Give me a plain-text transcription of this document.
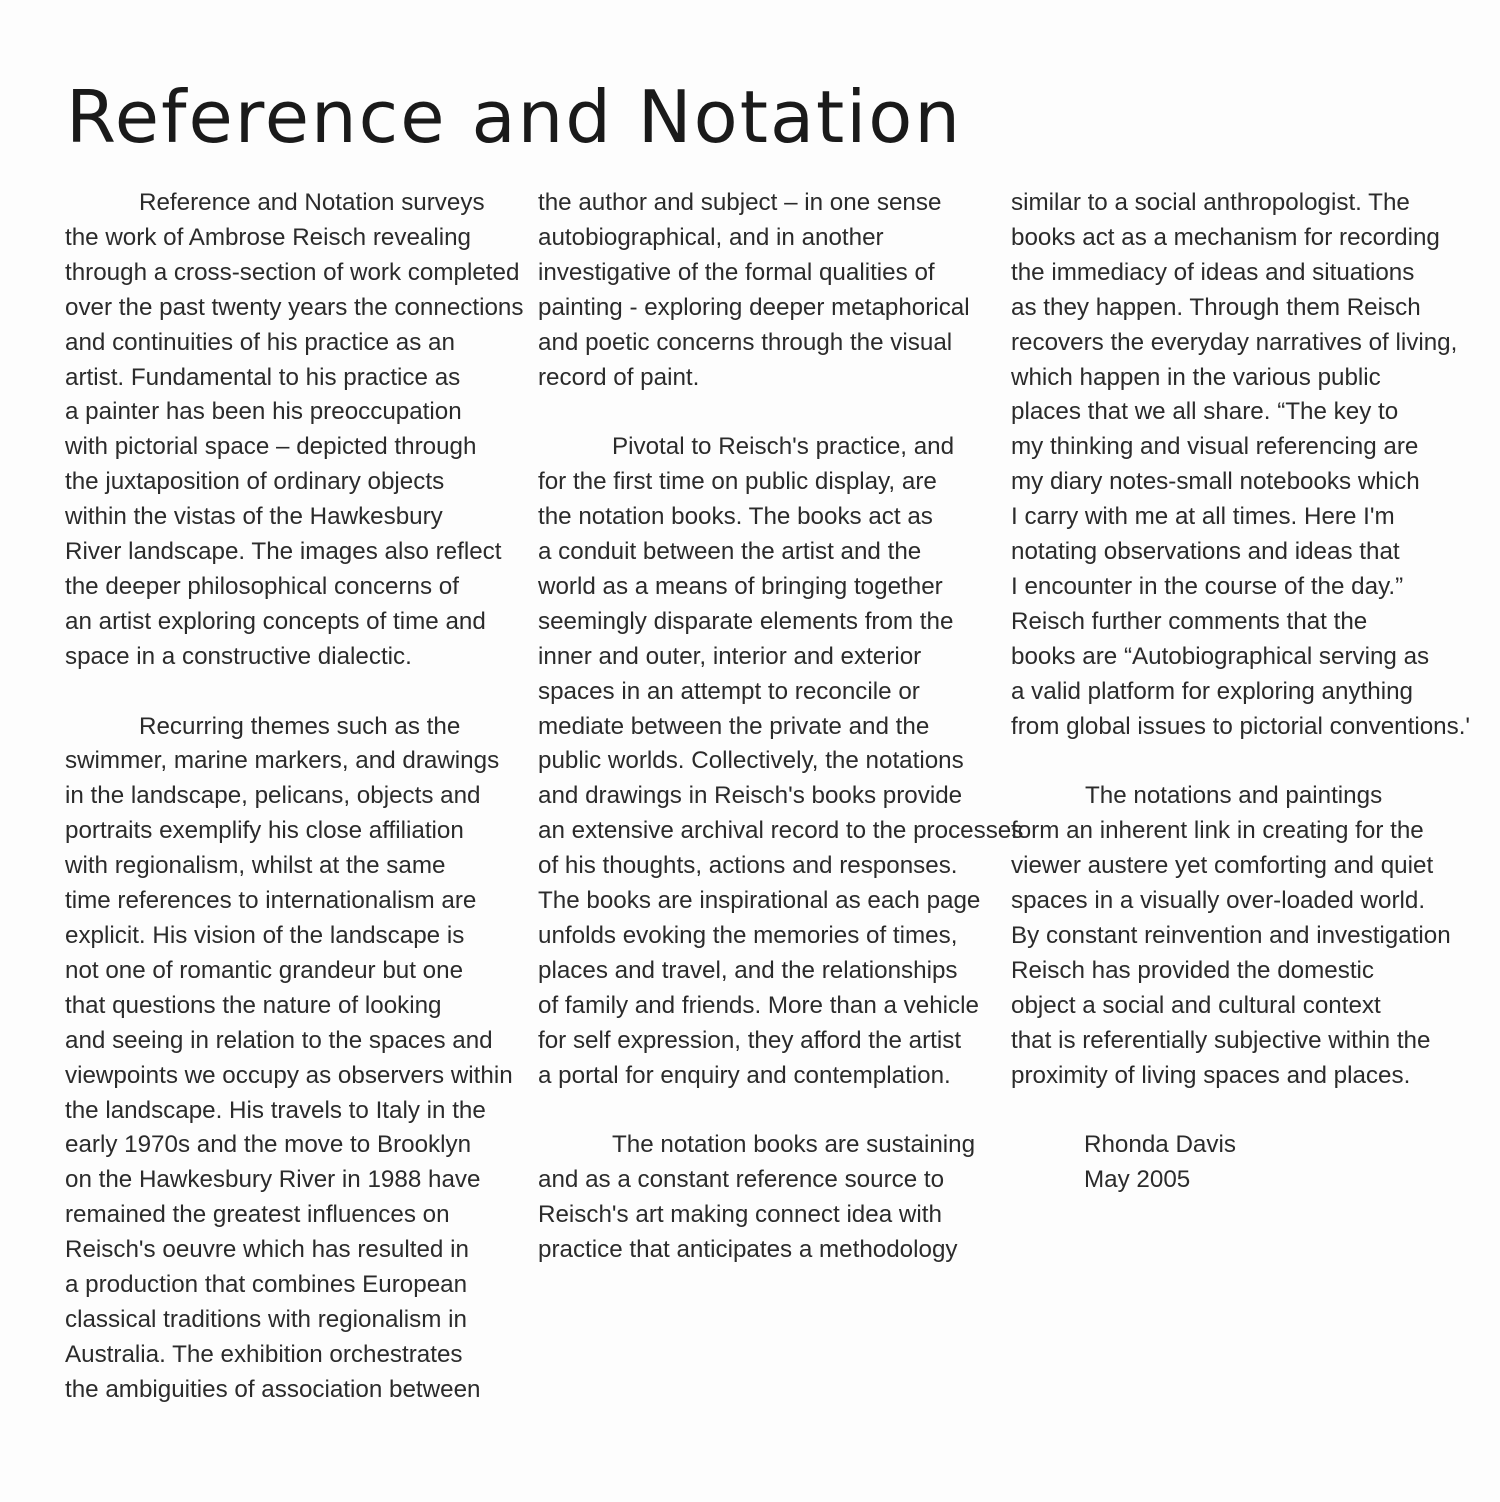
Reference and Notation

Reference and Notation surveys
the work of Ambrose Reisch revealing
through a cross-section of work completed
over the past twenty years the connections
and continuities of his practice as an
artist. Fundamental to his practice as
a painter has been his preoccupation
with pictorial space – depicted through
the juxtaposition of ordinary objects
within the vistas of the Hawkesbury
River landscape. The images also reflect
the deeper philosophical concerns of
an artist exploring concepts of time and
space in a constructive dialectic.

Recurring themes such as the
swimmer, marine markers, and drawings
in the landscape, pelicans, objects and
portraits exemplify his close affiliation
with regionalism, whilst at the same
time references to internationalism are
explicit. His vision of the landscape is
not one of romantic grandeur but one
that questions the nature of looking
and seeing in relation to the spaces and
viewpoints we occupy as observers within
the landscape. His travels to Italy in the
early 1970s and the move to Brooklyn
on the Hawkesbury River in 1988 have
remained the greatest influences on
Reisch's oeuvre which has resulted in
a production that combines European
classical traditions with regionalism in
Australia. The exhibition orchestrates
the ambiguities of association between

the author and subject – in one sense
autobiographical, and in another
investigative of the formal qualities of
painting - exploring deeper metaphorical
and poetic concerns through the visual
record of paint.

Pivotal to Reisch's practice, and
for the first time on public display, are
the notation books. The books act as
a conduit between the artist and the
world as a means of bringing together
seemingly disparate elements from the
inner and outer, interior and exterior
spaces in an attempt to reconcile or
mediate between the private and the
public worlds. Collectively, the notations
and drawings in Reisch's books provide
an extensive archival record to the processes
of his thoughts, actions and responses.
The books are inspirational as each page
unfolds evoking the memories of times,
places and travel, and the relationships
of family and friends. More than a vehicle
for self expression, they afford the artist
a portal for enquiry and contemplation.

The notation books are sustaining
and as a constant reference source to
Reisch's art making connect idea with
practice that anticipates a methodology

similar to a social anthropologist. The
books act as a mechanism for recording
the immediacy of ideas and situations
as they happen. Through them Reisch
recovers the everyday narratives of living,
which happen in the various public
places that we all share. “The key to
my thinking and visual referencing are
my diary notes-small notebooks which
I carry with me at all times. Here I'm
notating observations and ideas that
I encounter in the course of the day.”
Reisch further comments that the
books are “Autobiographical serving as
a valid platform for exploring anything
from global issues to pictorial conventions.'

The notations and paintings
form an inherent link in creating for the
viewer austere yet comforting and quiet
spaces in a visually over-loaded world.
By constant reinvention and investigation
Reisch has provided the domestic
object a social and cultural context
that is referentially subjective within the
proximity of living spaces and places.

Rhonda Davis
May 2005
